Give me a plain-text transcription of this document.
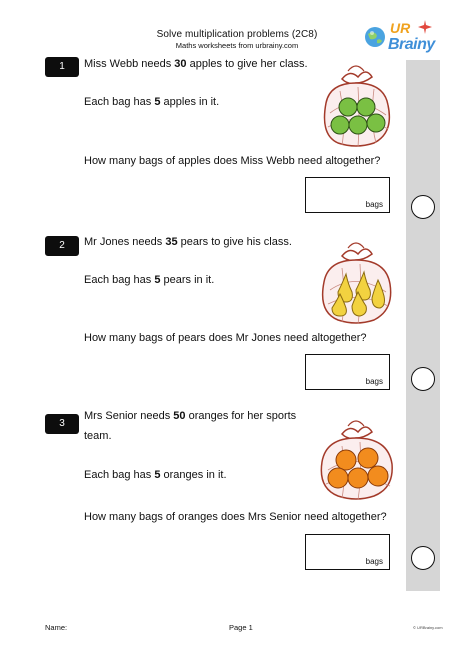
Solve multiplication problems (2C8)
Maths worksheets from urbrainy.com
UR
Brainy
1	Miss Webb needs 30 apples to give her class.
Each bag has 5 apples in it.
How many bags of apples does Miss Webb need altogether?
bags
2	Mr Jones needs 35 pears to give his class.
Each bag has 5 pears in it.
How many bags of pears does Mr Jones need altogether?
bags
3
Mrs Senior needs 50 oranges for her sports
team.
Each bag has 5 oranges in it.
How many bags of oranges does Mrs Senior need altogether?
bags
Name:	Page 1	© URBrainy.com
